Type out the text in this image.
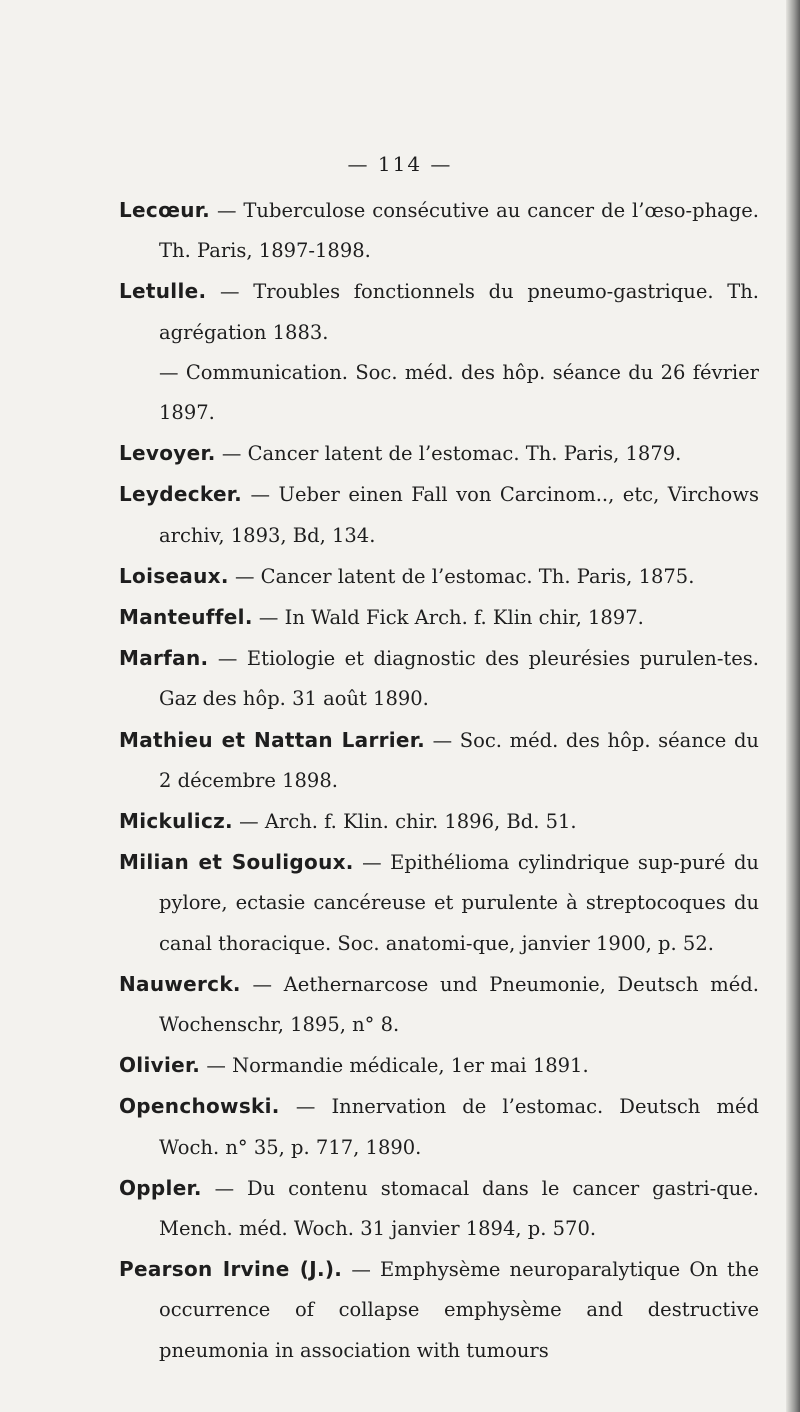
— 114 —

Lecœur. — Tuberculose consécutive au cancer de l’œso-phage. Th. Paris, 1897-1898.

Letulle. — Troubles fonctionnels du pneumo-gastrique. Th. agrégation 1883.

— Communication. Soc. méd. des hôp. séance du 26 février 1897.

Levoyer. — Cancer latent de l’estomac. Th. Paris, 1879.

Leydecker. — Ueber einen Fall von Carcinom.., etc, Virchows archiv, 1893, Bd, 134.

Loiseaux. — Cancer latent de l’estomac. Th. Paris, 1875.

Manteuffel. — In Wald Fick Arch. f. Klin chir, 1897.

Marfan. — Etiologie et diagnostic des pleurésies purulen-tes. Gaz des hôp. 31 août 1890.

Mathieu et Nattan Larrier. — Soc. méd. des hôp. séance du 2 décembre 1898.

Mickulicz. — Arch. f. Klin. chir. 1896, Bd. 51.

Milian et Souligoux. — Epithélioma cylindrique sup-puré du pylore, ectasie cancéreuse et purulente à streptocoques du canal thoracique. Soc. anatomi-que, janvier 1900, p. 52.

Nauwerck. — Aethernarcose und Pneumonie, Deutsch méd. Wochenschr, 1895, n° 8.

Olivier. — Normandie médicale, 1er mai 1891.

Openchowski. — Innervation de l’estomac. Deutsch méd Woch. n° 35, p. 717, 1890.

Oppler. — Du contenu stomacal dans le cancer gastri-que. Mench. méd. Woch. 31 janvier 1894, p. 570.

Pearson Irvine (J.). — Emphysème neuroparalytique On the occurrence of collapse emphysème and destructive pneumonia in association with tumours
